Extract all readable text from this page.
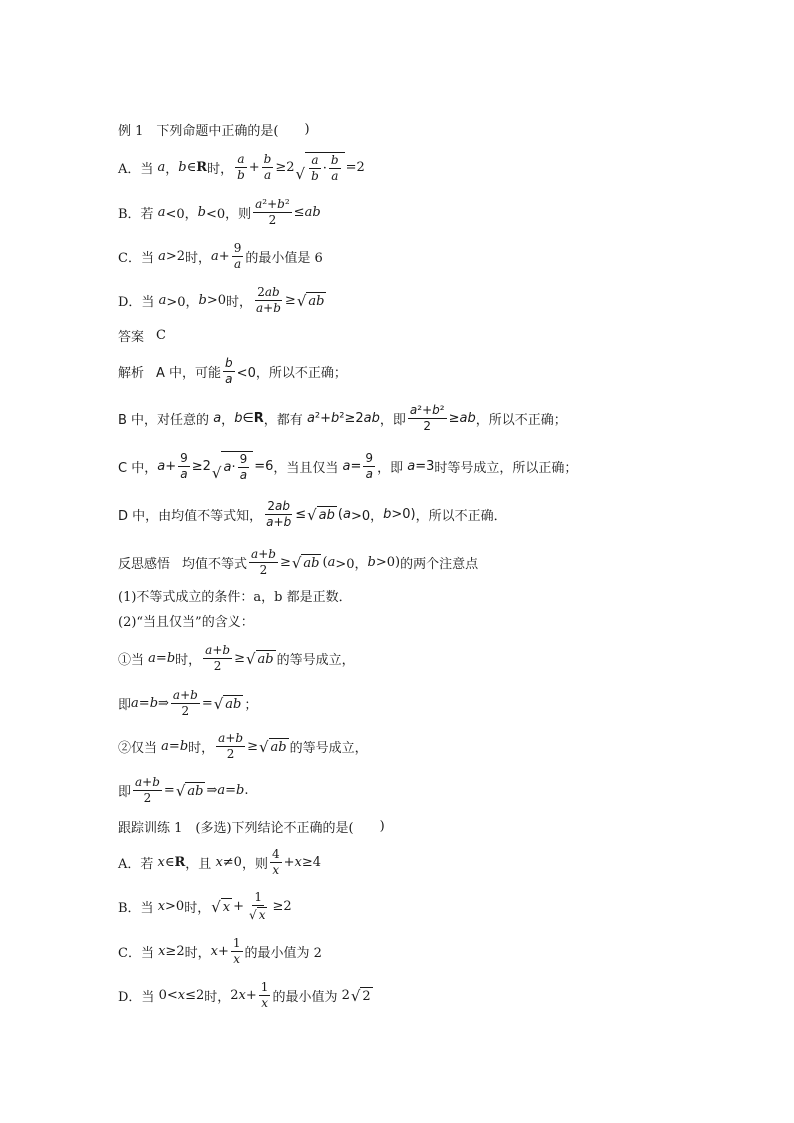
例 1　下列命题中正确的是( )
A．当 a ， b ∈ R 时， $\frac{a}{b} + \frac{b}{a} \ge 2$ √ $\frac{a}{b} \cdot \frac{b}{a} =2$
B．若 a <0， b <0， 则 $\frac{\text{a²+b²}}{2}$ ≤ ab
C．当 a >2 时， $a + \frac{9}{a}$ 的最小值是 6
D．当 a >0， b >0 时， $\frac{2ab}{a+b}$ ≥ √ ab
答案 C
解析 A 中，可能 $\frac{b}{a} <0$，所以不正确；
B 中，对任意的 a ， b ∈ R ，都有 a ²+ b ²≥2 ab ，即 $\frac{\text{a²+b²}}{2}$ ≥ ab ，所以不正确；
C 中， $a + \frac{9}{a} \ge 2$ √ $a \cdot \frac{9}{a} =6$ ，当且仅当 $a = \frac{9}{a}$ ，即 a =3 时等号成立，所以正确；
D 中，由均值不等式知， $\frac{2ab}{a+b}$ ≤ √ ab ( a >0， b >0) ，所以不正确．
反思感悟 均值不等式 $\frac{a+b}{2}$ ≥ √ ab ( a >0， b >0) 的两个注意点
(1)不等式成立的条件：a，b 都是正数．
(2)“当且仅当”的含义：
①当 a = b 时， $\frac{a+b}{2}$ ≥ √ ab 的等号成立，
即 a = b ⇒ $\frac{a+b}{2}$ = √ ab ；
②仅当 a = b 时， $\frac{a+b}{2}$ ≥ √ ab 的等号成立，
即 $\frac{a+b}{2}$ = √ ab ⇒ a = b .
跟踪训练 1　(多选)下列结论不正确的是( )
A．若 x ∈ R ，且 x ≠0 ，则 $\frac{4}{x} + x \ge 4$
B．当 x >0 时， √ $x + \frac{1}{√ x} \ge 2$
C．当 x ≥2 时， $x + \frac{1}{x}$ 的最小值为 2
D．当 0< x ≤2 时， 2 $x + \frac{1}{x}$ 的最小值为 2 √ 2
